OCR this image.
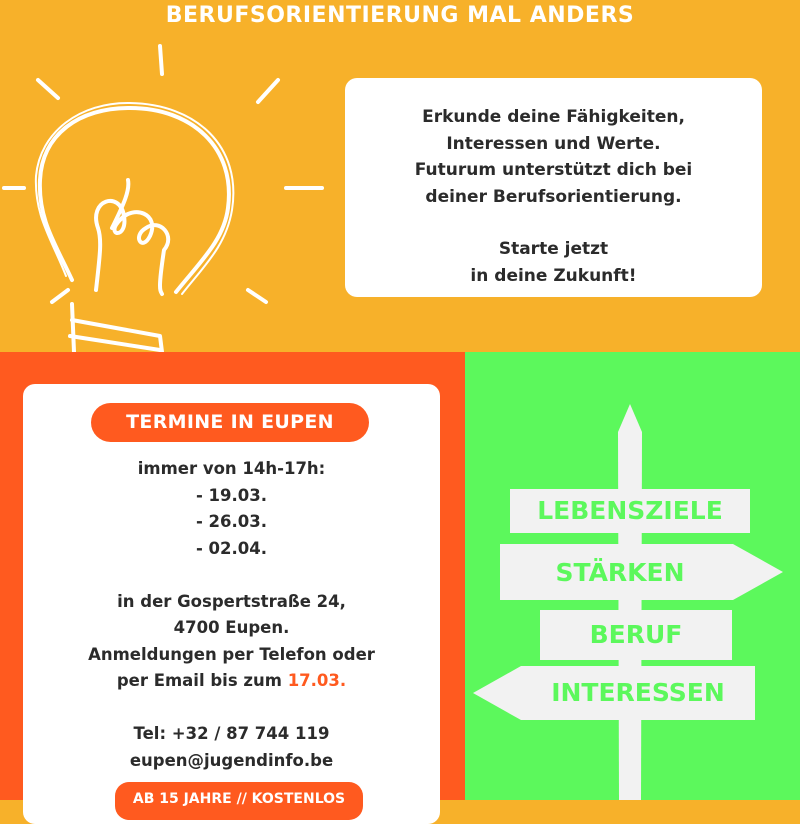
BERUFSORIENTIERUNG MAL ANDERS
Erkunde deine Fähigkeiten,
Interessen und Werte.
Futurum unterstützt dich bei
deiner Berufsorientierung.
Starte jetzt
in deine Zukunft!
TERMINE IN EUPEN
immer von 14h-17h:
- 19.03.
- 26.03.
- 02.04.
in der Gospertstraße 24,
4700 Eupen.
Anmeldungen per Telefon oder
per Email bis zum 17.03.
Tel: +32 / 87 744 119
eupen@jugendinfo.be
AB 15 JAHRE // KOSTENLOS
LEBENSZIELE
STÄRKEN
BERUF
INTERESSEN
